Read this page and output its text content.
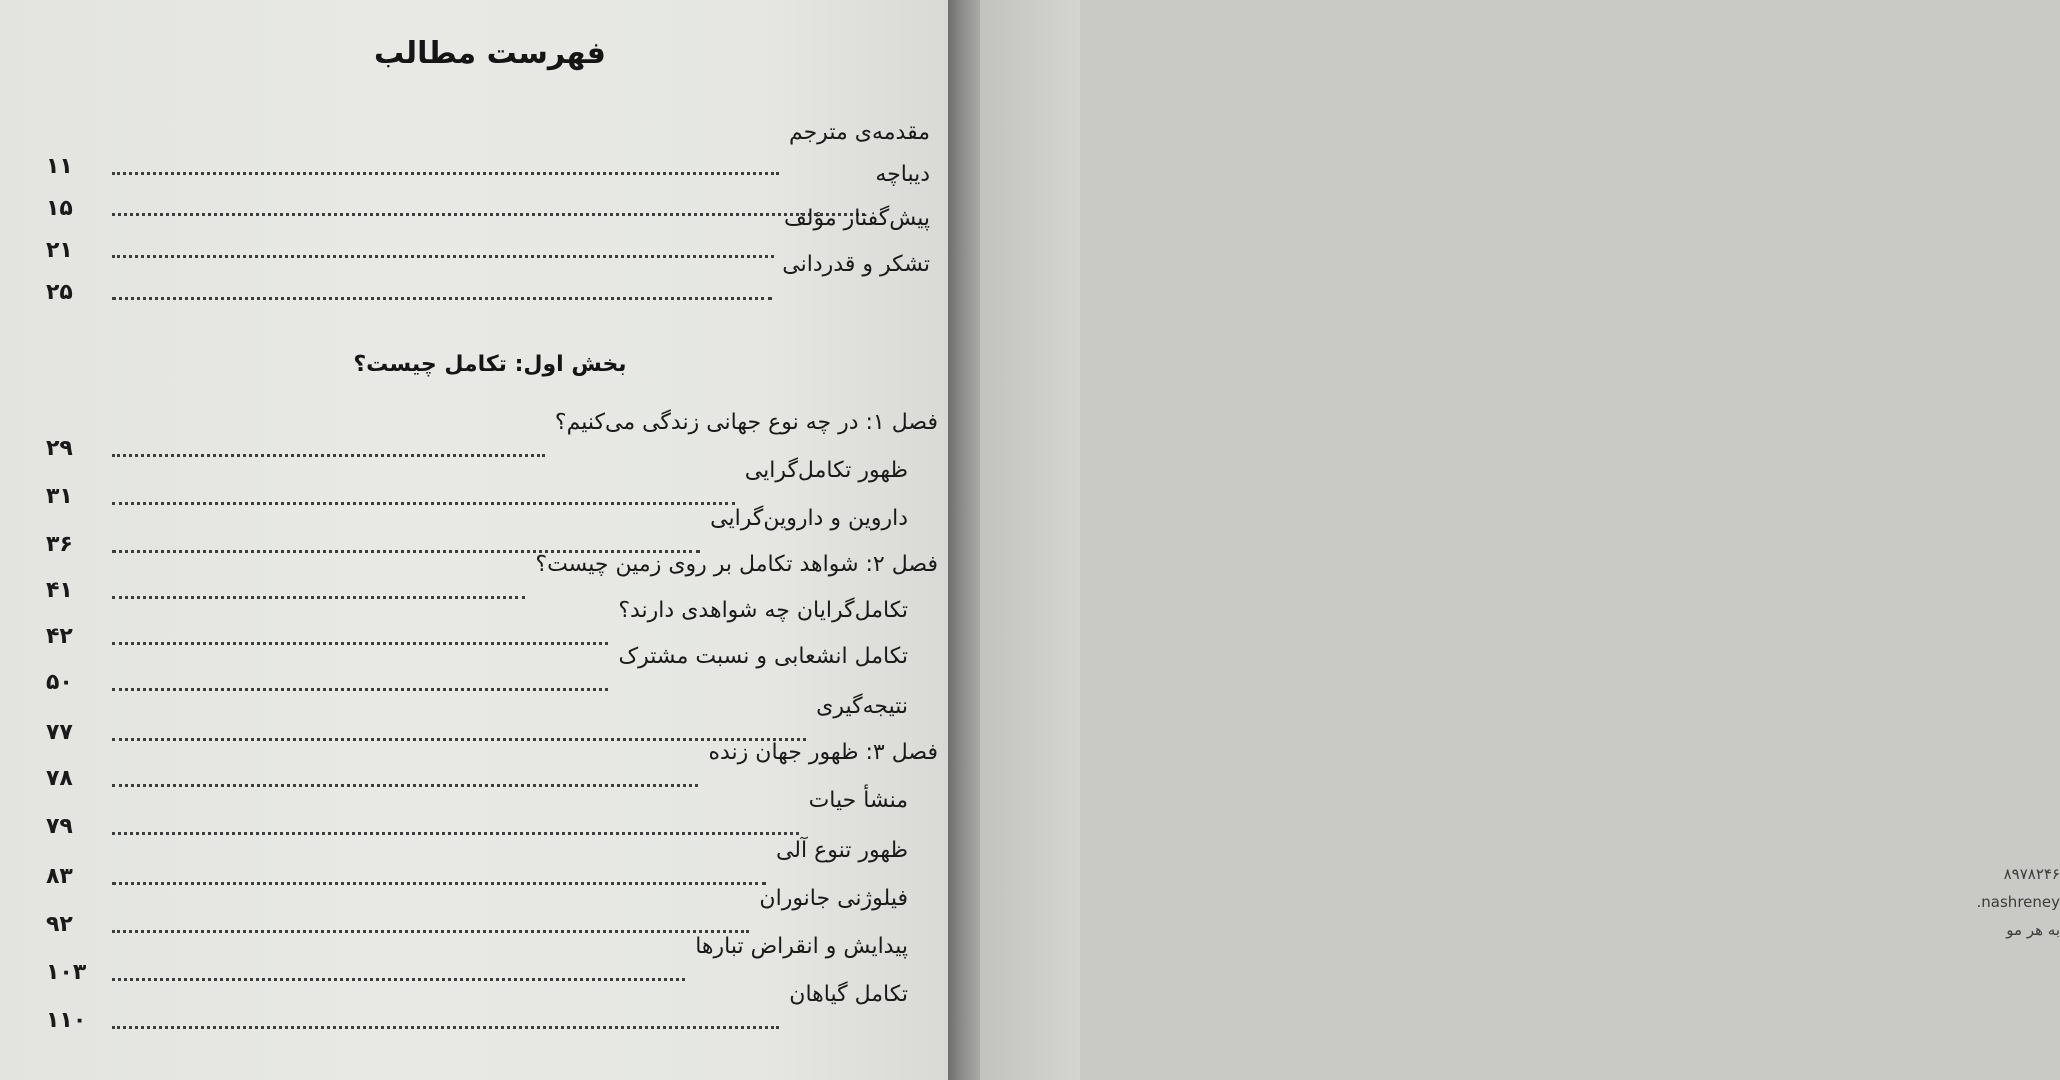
فهرست مطالب
بخش اول: تکامل چیست؟
مقدمه‌ی مترجم
۱۱	دیباچه
۱۵	پیش‌گفتار مؤلف
۲۱
تشکر و قدردانی
۲۵
فصل ۱: در چه نوع جهانی زندگی می‌کنیم؟
۲۹
ظهور تکامل‌گرایی
۳۱
داروین و داروین‌گرایی
۳۶
فصل ۲: شواهد تکامل بر روی زمین چیست؟
۴۱
تکامل‌گرایان چه شواهدی دارند؟
۴۲
تکامل انشعابی و نسبت مشترک
۵۰
نتیجه‌گیری
۷۷
فصل ۳: ظهور جهان زنده
۷۸
منشأ حیات
۷۹
ظهور تنوع آلی
۸۳
فیلوژنی جانوران
۹۲
پیدایش و انقراض تبارها
۱۰۳
تکامل گیاهان
۱۱۰
۸۹۷۸۲۴۶
nashreney.
به هر مو
